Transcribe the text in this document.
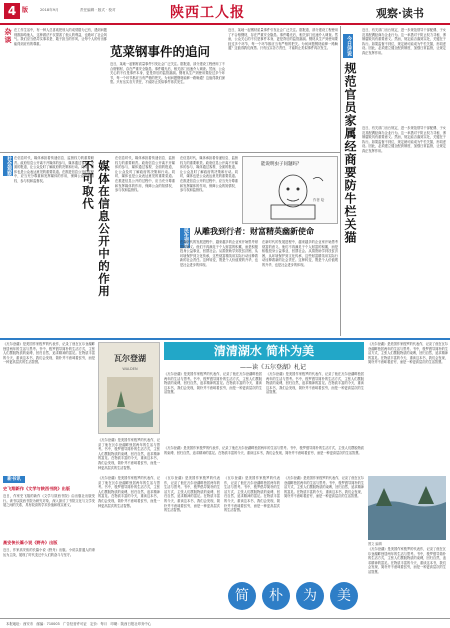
4 版	2018年9月	责任编辑 · 版式 · 校对	陕西工人报	观察·读书
杂谈 在工作生活中，有一种人总喜欢把别人的成绩据为己有，遇到问题则推卸给他人，这种做法不仅损害了他人的利益，也败坏了社会风气。我们应当倡导实事求是、敢于担当的作风，让每个人的付出都能得到应有的尊重。
苋菜钢事件的追问
近日，某地一起钢材质量事件引发社会广泛关注。据报道，部分建设工程使用了不合格钢材，存在严重安全隐患。事件曝光后，相关部门迅速介入调查。然而，公众关心的不仅是事件本身，更是背后的监管漏洞。钢材从生产到使用要经过多个环节，每一个环节都应当有严格的把关。为何问题钢材能够一路畅通？这值得我们深思。只有压实各方责任，才能防止类似事件再次发生。
近日，某地一起钢材质量事件引发社会广泛关注。据报道，部分建设工程使用了不合格钢材，存在严重安全隐患。事件曝光后，相关部门迅速介入调查。然而，公众关心的不仅是事件本身，更是背后的监管漏洞。钢材从生产到使用要经过多个环节，每一个环节都应当有严格的把关。为何问题钢材能够一路畅通？这值得我们深思。只有压实各方责任，才能防止类似事件再次发生。
社会观察 在信息时代，媒体承担着传递信息、监督权力的重要职责。政府信息公开离不开媒体的参与，媒体通过客观、全面的报道，让公众及时了解政府的决策和行动。同时，媒体也是公众表达意见的重要渠道。在推进信息公开的过程中，应当充分尊重和发挥媒体的作用，保障公众的知情权、参与权和监督权。	媒体在信息公开中的作用不可取代
在信息时代，媒体承担着传递信息、监督权力的重要职责。政府信息公开离不开媒体的参与，媒体通过客观、全面的报道，让公众及时了解政府的决策和行动。同时，媒体也是公众表达意见的重要渠道。在推进信息公开的过程中，应当充分尊重和发挥媒体的作用，保障公众的知情权、参与权和监督权。
在信息时代，媒体承担着传递信息、监督权力的重要职责。政府信息公开离不开媒体的参与，媒体通过客观、全面的报道，让公众及时了解政府的决策和行动。同时，媒体也是公众表达意见的重要渠道。在推进信息公开的过程中，应当充分尊重和发挥媒体的作用，保障公众的知情权、参与权和监督权。
能说明虫子问题吗？
作者 绘
民生观察 从雕我到行者：财富精英幽新使命
在新时代的发展进程中，越来越多的企业家开始思考财富的意义。他们不再满足于个人财富的积累，而是积极投身公益事业，回馈社会。从捐资助学到扶贫济困，从环境保护到文化传承，这些财富精英用实际行动诠释着新的社会责任。这种转变，既是个人价值观的升华，也是社会进步的体现。
在新时代的发展进程中，越来越多的企业家开始思考财富的意义。他们不再满足于个人财富的积累，而是积极投身公益事业，回馈社会。从捐资助学到扶贫济困，从环境保护到文化传承，这些财富精英用实际行动诠释着新的社会责任。这种转变，既是个人价值观的升华，也是社会进步的体现。
今日评说
规范官员家属经商要防牛栏关猫
近日，有关部门出台规定，进一步规范领导干部配偶、子女及其配偶经商办企业行为。这一举措对于防止权力寻租、遏制腐败具有重要意义。然而，规定能否落到实处，关键在于执行。如果监督不到位，规定就可能成为牛栏关猫，形同虚设。因此，必须建立健全配套制度，加强日常监督，让规定真正发挥作用。
近日，有关部门出台规定，进一步规范领导干部配偶、子女及其配偶经商办企业行为。这一举措对于防止权力寻租、遏制腐败具有重要意义。然而，规定能否落到实处，关键在于执行。如果监督不到位，规定就可能成为牛栏关猫，形同虚设。因此，必须建立健全配套制度，加强日常监督，让规定真正发挥作用。
《瓦尔登湖》是美国作家梭罗的代表作，记录了他在瓦尔登湖畔独居两年的生活与思考。书中，梭罗倡导简朴的生活方式，主张人们摆脱物质的束缚，回归自然，追求精神的富足。在物质丰富的今天，重读这本书，我们会发现，简朴并不意味着贫穷，而是一种更高层次的生活智慧。	瓦尔登湖
WALDEN
清清湖水 简朴为美
——读《五尔登湖》札记
《瓦尔登湖》是美国作家梭罗的代表作，记录了他在瓦尔登湖畔独居两年的生活与思考。书中，梭罗倡导简朴的生活方式，主张人们摆脱物质的束缚，回归自然，追求精神的富足。在物质丰富的今天，重读这本书，我们会发现，简朴并不意味着贫穷，而是一种更高层次的生活智慧。
《瓦尔登湖》是美国作家梭罗的代表作，记录了他在瓦尔登湖畔独居两年的生活与思考。书中，梭罗倡导简朴的生活方式，主张人们摆脱物质的束缚，回归自然，追求精神的富足。在物质丰富的今天，重读这本书，我们会发现，简朴并不意味着贫穷，而是一种更高层次的生活智慧。
《瓦尔登湖》是美国作家梭罗的代表作，记录了他在瓦尔登湖畔独居两年的生活与思考。书中，梭罗倡导简朴的生活方式，主张人们摆脱物质的束缚，回归自然，追求精神的富足。在物质丰富的今天，重读这本书，我们会发现，简朴并不意味着贫穷，而是一种更高层次的生活智慧。
《瓦尔登湖》是美国作家梭罗的代表作，记录了他在瓦尔登湖畔独居两年的生活与思考。书中，梭罗倡导简朴的生活方式，主张人们摆脱物质的束缚，回归自然，追求精神的富足。在物质丰富的今天，重读这本书，我们会发现，简朴并不意味着贫穷，而是一种更高层次的生活智慧。
《瓦尔登湖》是美国作家梭罗的代表作，记录了他在瓦尔登湖畔独居两年的生活与思考。书中，梭罗倡导简朴的生活方式，主张人们摆脱物质的束缚，回归自然，追求精神的富足。在物质丰富的今天，重读这本书，我们会发现，简朴并不意味着贫穷，而是一种更高层次的生活智慧。
新书讯
史飞翔新作《文学与陕西书院》出版
近日，作家史飞翔的新作《文学与陕西书院》由出版社出版发行。该书以陕西书院为研究对象，深入探讨了书院文化与文学发展之间的关系，具有较高的学术价值和现实意义。
高安侠长篇小说《野舟》出版
近日，作家高安侠的长篇小说《野舟》出版。小说以普通人的命运为主线，展现了时代变迁中人们的奋斗与坚守。
《瓦尔登湖》是美国作家梭罗的代表作，记录了他在瓦尔登湖畔独居两年的生活与思考。书中，梭罗倡导简朴的生活方式，主张人们摆脱物质的束缚，回归自然，追求精神的富足。在物质丰富的今天，重读这本书，我们会发现，简朴并不意味着贫穷，而是一种更高层次的生活智慧。
《瓦尔登湖》是美国作家梭罗的代表作，记录了他在瓦尔登湖畔独居两年的生活与思考。书中，梭罗倡导简朴的生活方式，主张人们摆脱物质的束缚，回归自然，追求精神的富足。在物质丰富的今天，重读这本书，我们会发现，简朴并不意味着贫穷，而是一种更高层次的生活智慧。
《瓦尔登湖》是美国作家梭罗的代表作，记录了他在瓦尔登湖畔独居两年的生活与思考。书中，梭罗倡导简朴的生活方式，主张人们摆脱物质的束缚，回归自然，追求精神的富足。在物质丰富的今天，重读这本书，我们会发现，简朴并不意味着贫穷，而是一种更高层次的生活智慧。
简	朴	为	美
《瓦尔登湖》是美国作家梭罗的代表作，记录了他在瓦尔登湖畔独居两年的生活与思考。书中，梭罗倡导简朴的生活方式，主张人们摆脱物质的束缚，回归自然，追求精神的富足。在物质丰富的今天，重读这本书，我们会发现，简朴并不意味着贫穷，而是一种更高层次的生活智慧。
图文 编辑
《瓦尔登湖》是美国作家梭罗的代表作，记录了他在瓦尔登湖畔独居两年的生活与思考。书中，梭罗倡导简朴的生活方式，主张人们摆脱物质的束缚，回归自然，追求精神的富足。在物质丰富的今天，重读这本书，我们会发现，简朴并不意味着贫穷，而是一种更高层次的生活智慧。
本报地址：西安市　邮编：710003　广告经营许可证　定价：每月　印刷：陕西日报社印务中心
